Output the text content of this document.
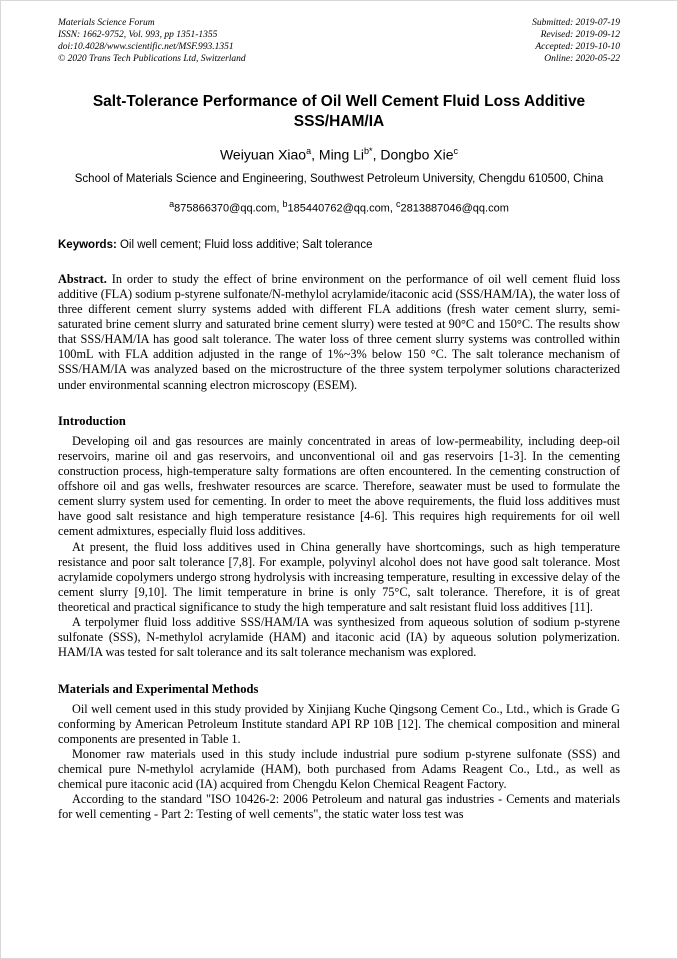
Materials Science Forum
ISSN: 1662-9752, Vol. 993, pp 1351-1355
doi:10.4028/www.scientific.net/MSF.993.1351
© 2020 Trans Tech Publications Ltd, Switzerland
Submitted: 2019-07-19
Revised: 2019-09-12
Accepted: 2019-10-10
Online: 2020-05-22
Salt-Tolerance Performance of Oil Well Cement Fluid Loss Additive
SSS/HAM/IA
Weiyuan Xiao$^a$, Ming $Li^{b*}$, Dongbo Xie$^c$
School of Materials Science and Engineering, Southwest Petroleum University, Chengdu 610500, China
$^a$875866370@qq.com, $^b$185440762@qq.com, $^c$2813887046@qq.com
Keywords: Oil well cement; Fluid loss additive; Salt tolerance

Abstract. In order to study the effect of brine environment on the performance of oil well cement fluid loss additive (FLA) sodium p-styrene sulfonate/N-methylol acrylamide/itaconic acid (SSS/HAM/IA), the water loss of three different cement slurry systems added with different FLA additions (fresh water cement slurry, semi-saturated brine cement slurry and saturated brine cement slurry) were tested at 90°C and 150°C. The results show that SSS/HAM/IA has good salt tolerance. The water loss of three cement slurry systems was controlled within 100mL with FLA addition adjusted in the range of 1%~3% below 150 °C. The salt tolerance mechanism of SSS/HAM/IA was analyzed based on the microstructure of the three system terpolymer solutions characterized under environmental scanning electron microscopy (ESEM).

Introduction

Developing oil and gas resources are mainly concentrated in areas of low-permeability, including deep-oil reservoirs, marine oil and gas reservoirs, and unconventional oil and gas reservoirs [1-3]. In the cementing construction process, high-temperature salty formations are often encountered. In the cementing construction of offshore oil and gas wells, freshwater resources are scarce. Therefore, seawater must be used to formulate the cement slurry system used for cementing. In order to meet the above requirements, the fluid loss additives must have good salt resistance and high temperature resistance [4-6]. This requires high requirements for oil well cement admixtures, especially fluid loss additives.

At present, the fluid loss additives used in China generally have shortcomings, such as high temperature resistance and poor salt tolerance [7,8]. For example, polyvinyl alcohol does not have good salt tolerance. Most acrylamide copolymers undergo strong hydrolysis with increasing temperature, resulting in excessive delay of the cement slurry [9,10]. The limit temperature in brine is only 75°C, salt tolerance. Therefore, it is of great theoretical and practical significance to study the high temperature and salt resistant fluid loss additives [11].

A terpolymer fluid loss additive SSS/HAM/IA was synthesized from aqueous solution of sodium p-styrene sulfonate (SSS), N-methylol acrylamide (HAM) and itaconic acid (IA) by aqueous solution polymerization. HAM/IA was tested for salt tolerance and its salt tolerance mechanism was explored.

Materials and Experimental Methods

Oil well cement used in this study provided by Xinjiang Kuche Qingsong Cement Co., Ltd., which is Grade G conforming by American Petroleum Institute standard API RP 10B [12]. The chemical composition and mineral components are presented in Table 1.

Monomer raw materials used in this study include industrial pure sodium p-styrene sulfonate (SSS) and chemical pure N-methylol acrylamide (HAM), both purchased from Adams Reagent Co., Ltd., as well as chemical pure itaconic acid (IA) acquired from Chengdu Kelon Chemical Reagent Factory.

According to the standard "ISO 10426-2: 2006 Petroleum and natural gas industries - Cements and materials for well cementing - Part 2: Testing of well cements", the static water loss test was
